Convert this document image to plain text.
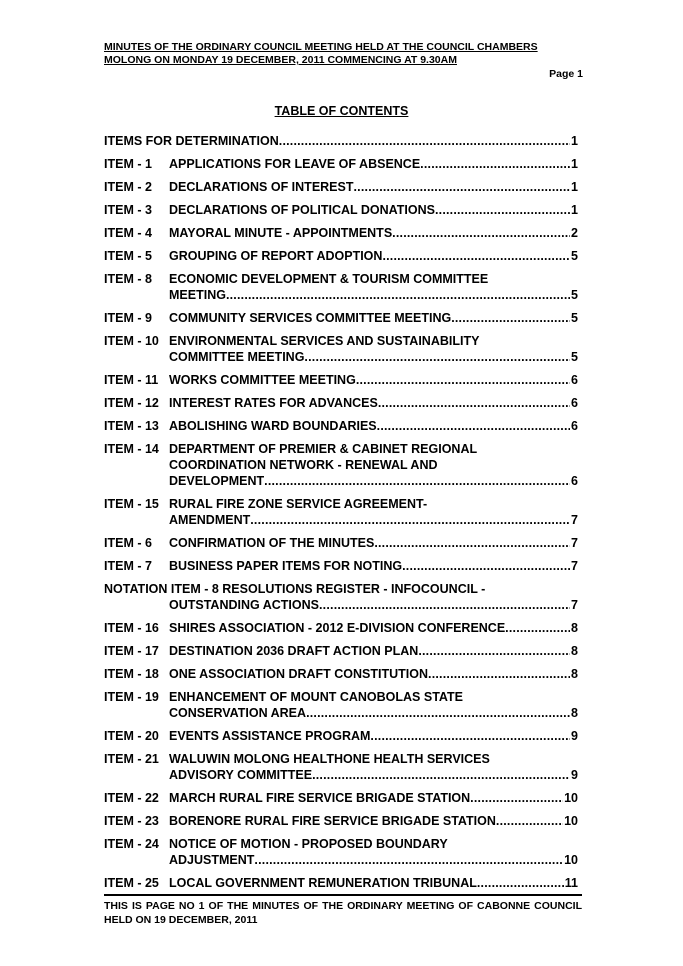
MINUTES OF THE ORDINARY COUNCIL MEETING HELD AT THE COUNCIL CHAMBERS
MOLONG ON MONDAY 19 DECEMBER, 2011 COMMENCING AT 9.30AM
Page 1
TABLE OF CONTENTS
ITEMS FOR DETERMINATION .....	1
ITEM - 1	APPLICATIONS FOR LEAVE OF ABSENCE .....	1
ITEM - 2	DECLARATIONS OF INTEREST .....	1
ITEM - 3	DECLARATIONS OF POLITICAL DONATIONS .....	1
ITEM - 4	MAYORAL MINUTE - APPOINTMENTS .....	2
ITEM - 5	GROUPING OF REPORT ADOPTION .....	5
ITEM - 8	ECONOMIC DEVELOPMENT & TOURISM COMMITTEE
MEETING .....	5
ITEM - 9	COMMUNITY SERVICES COMMITTEE MEETING .....	5
ITEM - 10 ENVIRONMENTAL SERVICES AND SUSTAINABILITY
COMMITTEE MEETING .....	5
ITEM - 11 WORKS COMMITTEE MEETING .....	6
ITEM - 12 INTEREST RATES FOR ADVANCES .....	6
ITEM - 13 ABOLISHING WARD BOUNDARIES .....	6
ITEM - 14 DEPARTMENT OF PREMIER & CABINET REGIONAL
COORDINATION NETWORK - RENEWAL AND
DEVELOPMENT .....	6
ITEM - 15 RURAL FIRE ZONE SERVICE AGREEMENT-
AMENDMENT .....	7
ITEM - 6	CONFIRMATION OF THE MINUTES .....	7
ITEM - 7	BUSINESS PAPER ITEMS FOR NOTING .....	7
NOTATION ITEM - 8 RESOLUTIONS REGISTER - INFOCOUNCIL -
OUTSTANDING ACTIONS .....	7
ITEM - 16 SHIRES ASSOCIATION - 2012 E-DIVISION CONFERENCE .....	8
ITEM - 17 DESTINATION 2036 DRAFT ACTION PLAN .....	8
ITEM - 18 ONE ASSOCIATION DRAFT CONSTITUTION .....	8
ITEM - 19 ENHANCEMENT OF MOUNT CANOBOLAS STATE
CONSERVATION AREA .....	8
ITEM - 20 EVENTS ASSISTANCE PROGRAM .....	9
ITEM - 21 WALUWIN MOLONG HEALTHONE HEALTH SERVICES
ADVISORY COMMITTEE .....	9
ITEM - 22 MARCH RURAL FIRE SERVICE BRIGADE STATION .....	10
ITEM - 23 BORENORE RURAL FIRE SERVICE BRIGADE STATION .....	10
ITEM - 24 NOTICE OF MOTION - PROPOSED BOUNDARY
ADJUSTMENT .....	10
ITEM - 25 LOCAL GOVERNMENT REMUNERATION TRIBUNAL .....	11
THIS IS PAGE NO 1 OF THE MINUTES OF THE ORDINARY MEETING OF CABONNE COUNCIL HELD ON 19 DECEMBER, 2011
